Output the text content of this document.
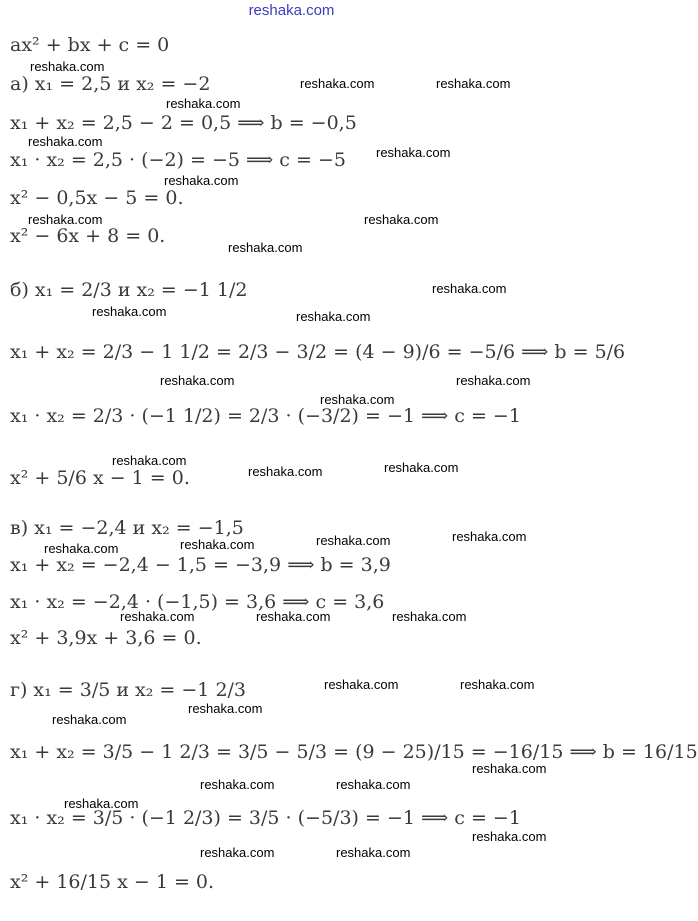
reshaka.com
ax² + bx + c = 0
а) x₁ = 2,5 и x₂ = −2
x₁ + x₂ = 2,5 − 2 = 0,5 ⟹ b = −0,5
x₁ · x₂ = 2,5 · (−2) = −5 ⟹ c = −5
x² − 0,5x − 5 = 0.
x² − 6x + 8 = 0.
б) x₁ = 2/3 и x₂ = −1 1/2
x₁ + x₂ = 2/3 − 1 1/2 = 2/3 − 3/2 = (4 − 9)/6 = −5/6 ⟹ b = 5/6
x₁ · x₂ = 2/3 · (−1 1/2) = 2/3 · (−3/2) = −1 ⟹ c = −1
x² + 5/6 x − 1 = 0.
в) x₁ = −2,4 и x₂ = −1,5
x₁ + x₂ = −2,4 − 1,5 = −3,9 ⟹ b = 3,9
x₁ · x₂ = −2,4 · (−1,5) = 3,6 ⟹ c = 3,6
x² + 3,9x + 3,6 = 0.
г) x₁ = 3/5 и x₂ = −1 2/3
x₁ + x₂ = 3/5 − 1 2/3 = 3/5 − 5/3 = (9 − 25)/15 = −16/15 ⟹ b = 16/15
x₁ · x₂ = 3/5 · (−1 2/3) = 3/5 · (−5/3) = −1 ⟹ c = −1
x² + 16/15 x − 1 = 0.
reshaka.com
reshaka.com	reshaka.com
reshaka.com
reshaka.com
reshaka.com
reshaka.com
reshaka.com	reshaka.com
reshaka.com
reshaka.com
reshaka.com	reshaka.com
reshaka.com	reshaka.com
reshaka.com
reshaka.com
reshaka.com	reshaka.com
reshaka.com
reshaka.com
reshaka.com
reshaka.com
reshaka.com	reshaka.com	reshaka.com
reshaka.com	reshaka.com
reshaka.com
reshaka.com
reshaka.com
reshaka.com	reshaka.com
reshaka.com
reshaka.com
reshaka.com	reshaka.com
